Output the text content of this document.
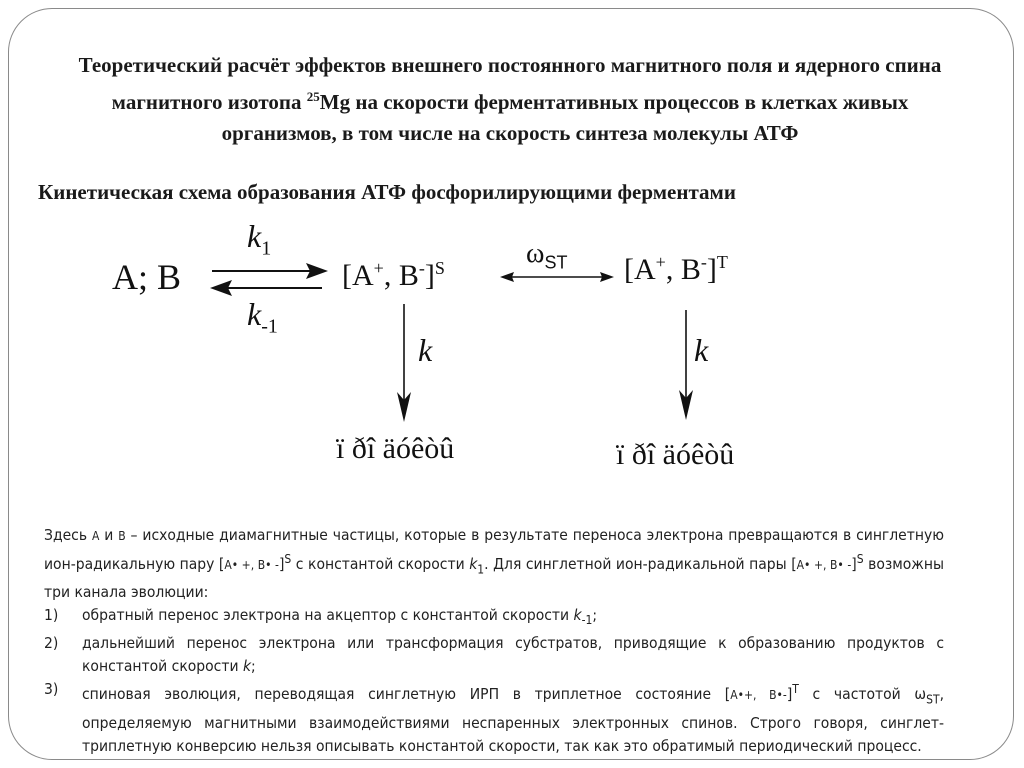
Теоретический расчёт эффектов внешнего постоянного магнитного поля и ядерного спина магнитного изотопа $^{25}$Mg на скорости ферментативных процессов в клетках живых организмов, в том числе на скорость синтеза молекулы АТФ
Кинетическая схема образования АТФ фосфорилирующими ферментами
A; B
$k_1$
$k_{-1}$
[A+, B-]$^S$	$\omega_{ST}$ [A+, B-]$^T$
k	k
ï ðî äóêòû	ï ðî äóêòû

Здесь A и B – исходные диамагнитные частицы, которые в результате переноса электрона превращаются в синглетную ион-радикальную пару [A• +, B• -]$^S$ с константой скорости $k_1$. Для синглетной ион-радикальной пары [A• +, B• -]$^S$ возможны три канала эволюции:

1) обратный перенос электрона на акцептор с константой скорости $k_{-1}$;

2) дальнейший перенос электрона или трансформация субстратов, приводящие к образованию продуктов с константой скорости k;

3) спиновая эволюция, переводящая синглетную ИРП в триплетное состояние [A•+, B•-]$^T$ с частотой $\omega_{ST}$, определяемую магнитными взаимодействиями неспаренных электронных спинов. Строго говоря, синглет-триплетную конверсию нельзя описывать константой скорости, так как это обратимый периодический процесс.
